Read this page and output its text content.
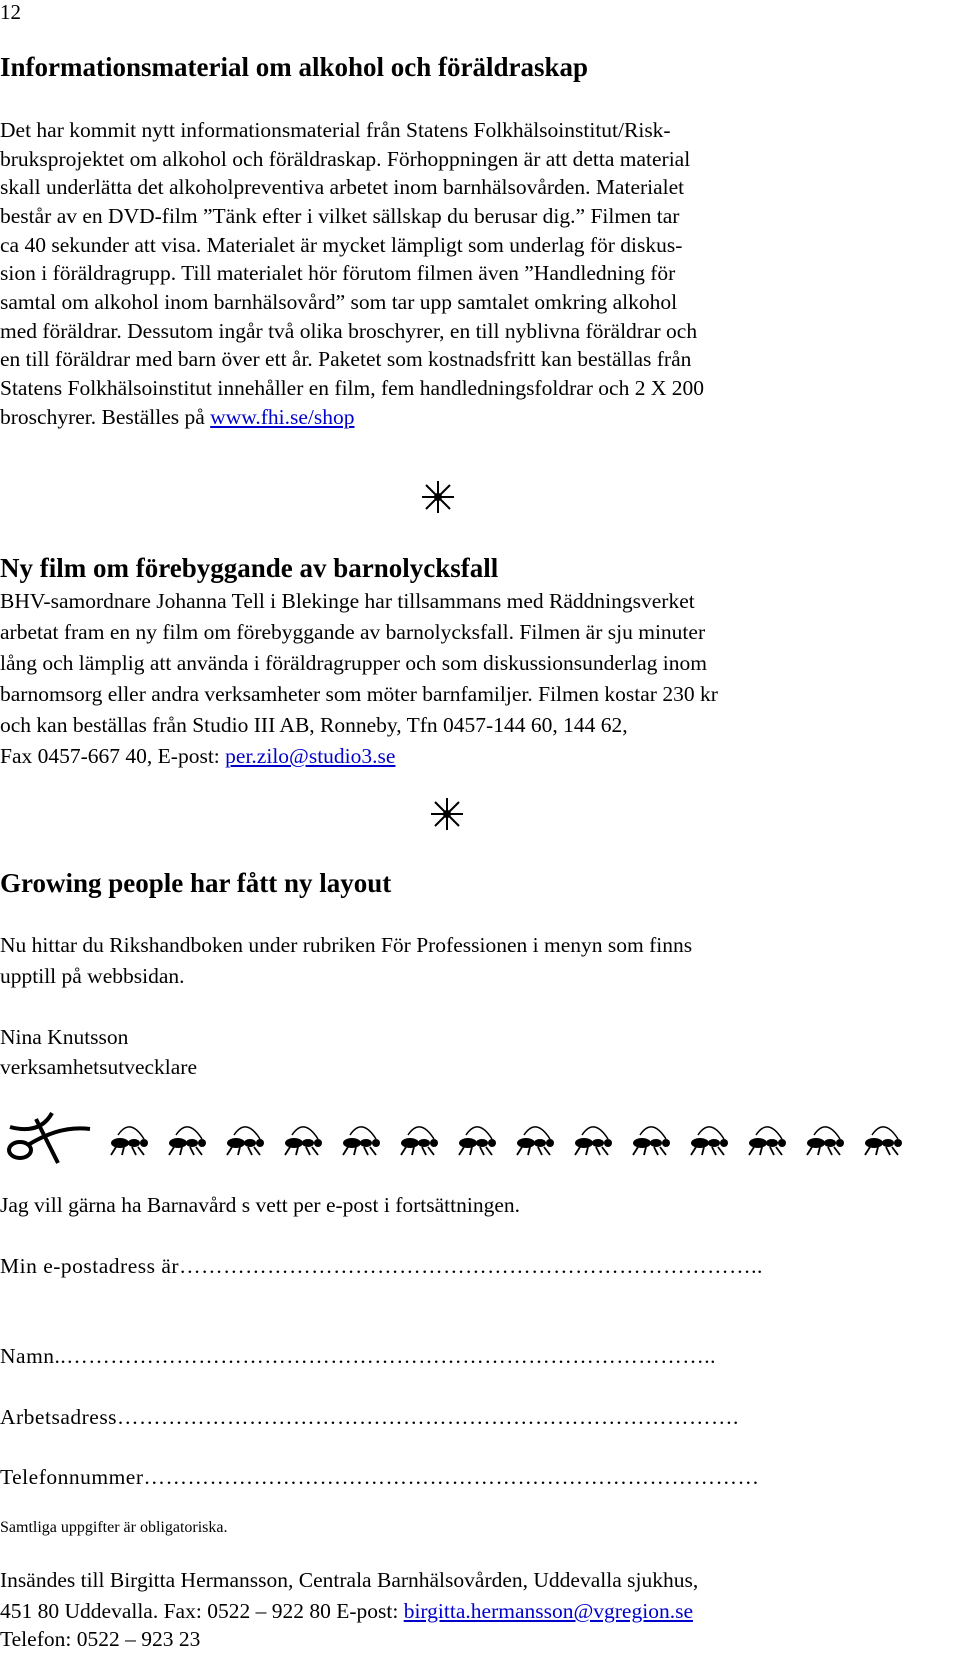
12
Informationsmaterial om alkohol och föräldraskap
Det har kommit nytt informationsmaterial från Statens Folkhälsoinstitut/Risk-
bruksprojektet om alkohol och föräldraskap. Förhoppningen är att detta material
skall underlätta det alkoholpreventiva arbetet inom barnhälsovården. Materialet
består av en DVD-film ”Tänk efter i vilket sällskap du berusar dig.” Filmen tar
ca 40 sekunder att visa. Materialet är mycket lämpligt som underlag för diskus-
sion i föräldragrupp. Till materialet hör förutom filmen även ”Handledning för
samtal om alkohol inom barnhälsovård” som tar upp samtalet omkring alkohol
med föräldrar. Dessutom ingår två olika broschyrer, en till nyblivna föräldrar och
en till föräldrar med barn över ett år. Paketet som kostnadsfritt kan beställas från
Statens Folkhälsoinstitut innehåller en film, fem handledningsfoldrar och 2 X 200
broschyrer. Beställes på www.fhi.se/shop
Ny film om förebyggande av barnolycksfall
BHV-samordnare Johanna Tell i Blekinge har tillsammans med Räddningsverket
arbetat fram en ny film om förebyggande av barnolycksfall. Filmen är sju minuter
lång och lämplig att använda i föräldragrupper och som diskussionsunderlag inom
barnomsorg eller andra verksamheter som möter barnfamiljer. Filmen kostar 230 kr
och kan beställas från Studio III AB, Ronneby, Tfn 0457-144 60, 144 62,
Fax 0457-667 40, E-post: per.zilo@studio3.se
Growing people har fått ny layout
Nu hittar du Rikshandboken under rubriken För Professionen i menyn som finns
upptill på webbsidan.
Nina Knutsson
verksamhetsutvecklare
Jag vill gärna ha Barnavård s vett per e-post i fortsättningen.
Min e-postadress är……………………………………………………………………..
Namn..……………………………………………………………………………..
Arbetsadress………………………………………………………………………….
Telefonnummer…………………………………………………………………………
Samtliga uppgifter är obligatoriska.
Insändes till Birgitta Hermansson, Centrala Barnhälsovården, Uddevalla sjukhus,
451 80 Uddevalla. Fax: 0522 – 922 80 E-post: birgitta.hermansson@vgregion.se
Telefon: 0522 – 923 23
